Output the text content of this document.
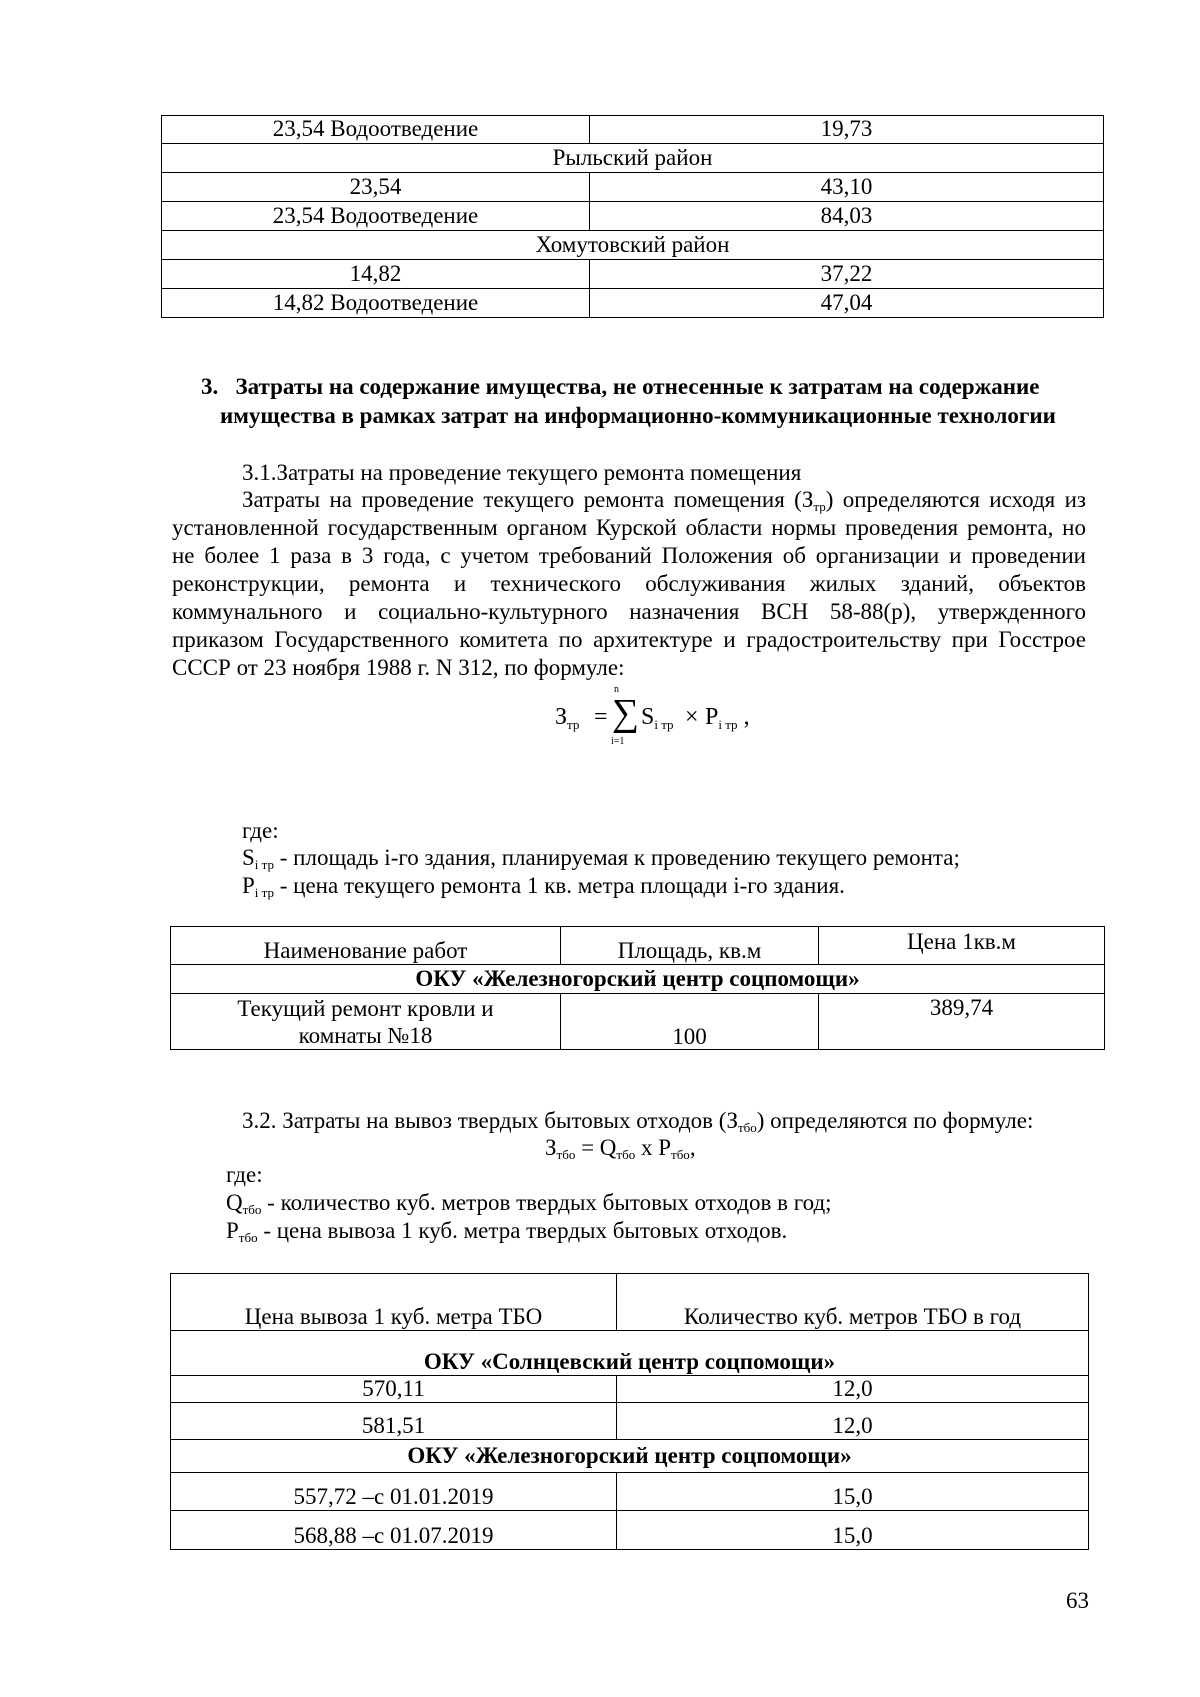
23,54 Водоотведение	19,73
Рыльский район	
23,54	43,10
23,54 Водоотведение	84,03
Хомутовский район	
14,82	37,22
14,82 Водоотведение	47,04
3.   Затраты на содержание имущества, не отнесенные к затратам на содержание
имущества в рамках затрат на информационно-коммуникационные технологии
3.1.Затраты на проведение текущего ремонта помещения
Затраты на проведение текущего ремонта помещения $(З_{тр})$ определяются исходя из установленной государственным органом Курской области нормы проведения ремонта, но не более 1 раза в 3 года, с учетом требований Положения об организации и проведении реконструкции, ремонта и технического обслуживания жилых зданий, объектов коммунального и социально-культурного назначения ВСН 58-88(р), утвержденного приказом Государственного комитета по архитектуре и градостроительству при Госстрое СССР от 23 ноября 1988 г. N 312, по формуле:
$З_{тр}$ =
n
∑
i=1
$S_{i тр} \times P_{i тр}$ ,
где:
$S_{i тр}$ - площадь i-го здания, планируемая к проведению текущего ремонта;
$P_{i тр}$ - цена текущего ремонта 1 кв. метра площади i-го здания.
Наименование работ	Площадь, кв.м	Цена 1кв.м
ОКУ «Железногорский центр соцпомощи»		

Текущий ремонт кровли и
комнаты №18	100	389,74
3.2. Затраты на вывоз твердых бытовых отходов $(З_{тбо})$ определяются по формуле:
$З_{тбо} = Q_{тбо}$ x $P_{тбо}$,
где:
$Q_{тбо}$ - количество куб. метров твердых бытовых отходов в год;
$P_{тбо}$ - цена вывоза 1 куб. метра твердых бытовых отходов.
Цена вывоза 1 куб. метра ТБО	Количество куб. метров ТБО в год
ОКУ «Солнцевский центр соцпомощи»	
570,11	12,0
581,51	12,0
ОКУ «Железногорский центр соцпомощи»	
557,72 –с 01.01.2019	15,0
568,88 –с 01.07.2019	15,0
63
